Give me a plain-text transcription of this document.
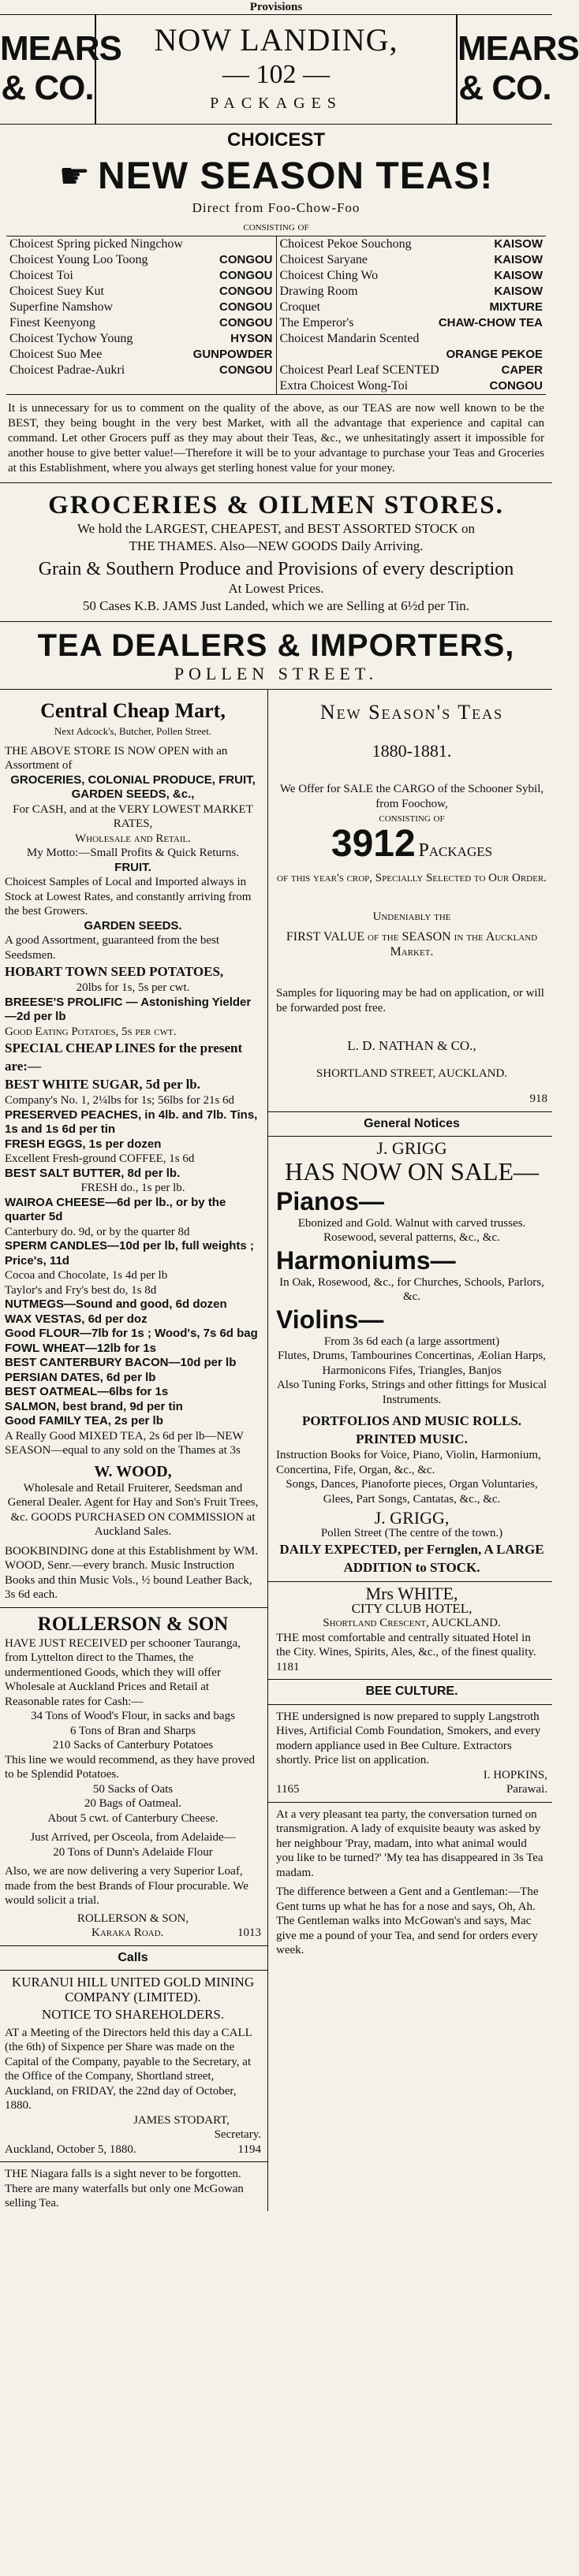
Provisions
MEARS & CO.
NOW LANDING,
— 102 —
PACKAGES
MEARS & CO.
CHOICEST
☛ NEW SEASON TEAS!
Direct from Foo-Chow-Foo
consisting of
Choicest Spring picked Ningchow
Choicest Young Loo Toong	CONGOU
Choicest Toi	CONGOU
Choicest Suey Kut	CONGOU
Superfine Namshow	CONGOU
Finest Keenyong	CONGOU
Choicest Tychow Young	HYSON
Choicest Suo Mee	GUNPOWDER
Choicest Padrae-Aukri	CONGOU
Choicest Pekoe Souchong	KAISOW
Choicest Saryane	KAISOW
Choicest Ching Wo	KAISOW
Drawing Room	KAISOW
Croquet	MIXTURE
The Emperor's	CHAW-CHOW TEA
Choicest Mandarin Scented
ORANGE PEKOE
Choicest Pearl Leaf SCENTED	CAPER
Extra Choicest Wong-Toi	CONGOU
It is unnecessary for us to comment on the quality of the above, as our TEAS are now well known to be the BEST, they being bought in the very best Market, with all the advantage that experience and capital can command. Let other Grocers puff as they may about their Teas, &c., we unhesitatingly assert it impossible for another house to give better value!—Therefore it will be to your advantage to purchase your Teas and Groceries at this Establishment, where you always get sterling honest value for your money.
GROCERIES & OILMEN STORES.
We hold the LARGEST, CHEAPEST, and BEST ASSORTED STOCK on
THE THAMES. Also—NEW GOODS Daily Arriving.
Grain & Southern Produce and Provisions of every description
At Lowest Prices.
50 Cases K.B. JAMS Just Landed, which we are Selling at 6½d per Tin.
TEA DEALERS & IMPORTERS,
POLLEN STREET.
Central Cheap Mart,
Next Adcock's, Butcher, Pollen Street.
THE ABOVE STORE IS NOW OPEN with an Assortment of
GROCERIES, COLONIAL PRODUCE, FRUIT, GARDEN SEEDS, &c.,
For CASH, and at the VERY LOWEST MARKET RATES,
Wholesale and Retail.
My Motto:—Small Profits & Quick Returns.
FRUIT.
Choicest Samples of Local and Imported always in Stock at Lowest Rates, and constantly arriving from the best Growers.
GARDEN SEEDS.
A good Assortment, guaranteed from the best Seedsmen.
HOBART TOWN SEED POTATOES,
20lbs for 1s, 5s per cwt.
BREESE'S PROLIFIC — Astonishing Yielder—2d per lb
Good Eating Potatoes, 5s per cwt.
SPECIAL CHEAP LINES for the present are:—
BEST WHITE SUGAR, 5d per lb.
Company's No. 1, 2¼lbs for 1s; 56lbs for 21s 6d
PRESERVED PEACHES, in 4lb. and 7lb. Tins, 1s and 1s 6d per tin
FRESH EGGS, 1s per dozen
Excellent Fresh-ground COFFEE, 1s 6d
BEST SALT BUTTER, 8d per lb.
FRESH do., 1s per lb.
WAIROA CHEESE—6d per lb., or by the quarter 5d
Canterbury do. 9d, or by the quarter 8d
SPERM CANDLES—10d per lb, full weights ; Price's, 11d
Cocoa and Chocolate, 1s 4d per lb
Taylor's and Fry's best do, 1s 8d
NUTMEGS—Sound and good, 6d dozen
WAX VESTAS, 6d per doz
Good FLOUR—7lb for 1s ; Wood's, 7s 6d bag
FOWL WHEAT—12lb for 1s
BEST CANTERBURY BACON—10d per lb
PERSIAN DATES, 6d per lb
BEST OATMEAL—6lbs for 1s
SALMON, best brand, 9d per tin
Good FAMILY TEA, 2s per lb
A Really Good MIXED TEA, 2s 6d per lb—NEW SEASON—equal to any sold on the Thames at 3s
W. WOOD,
Wholesale and Retail Fruiterer, Seedsman and General Dealer. Agent for Hay and Son's Fruit Trees, &c. GOODS PURCHASED ON COMMISSION at Auckland Sales.
BOOKBINDING done at this Establishment by WM. WOOD, Senr.—every branch. Music Instruction Books and thin Music Vols., ½ bound Leather Back, 3s 6d each.
ROLLERSON & SON
HAVE JUST RECEIVED per schooner Tauranga, from Lyttelton direct to the Thames, the undermentioned Goods, which they will offer Wholesale at Auckland Prices and Retail at Reasonable rates for Cash:—
34 Tons of Wood's Flour, in sacks and bags
6 Tons of Bran and Sharps
210 Sacks of Canterbury Potatoes
This line we would recommend, as they have proved to be Splendid Potatoes.
50 Sacks of Oats
20 Bags of Oatmeal.
About 5 cwt. of Canterbury Cheese.
Just Arrived, per Osceola, from Adelaide—
20 Tons of Dunn's Adelaide Flour
Also, we are now delivering a very Superior Loaf, made from the best Brands of Flour procurable. We would solicit a trial.
ROLLERSON & SON,
Karaka Road.	1013
Calls
KURANUI HILL UNITED GOLD MINING COMPANY (LIMITED).
NOTICE TO SHAREHOLDERS.
AT a Meeting of the Directors held this day a CALL (the 6th) of Sixpence per Share was made on the Capital of the Company, payable to the Secretary, at the Office of the Company, Shortland street, Auckland, on FRIDAY, the 22nd day of October, 1880.
JAMES STODART,
Secretary.
Auckland, October 5, 1880.	1194
THE Niagara falls is a sight never to be forgotten. There are many waterfalls but only one McGowan selling Tea.
New Season's Teas
1880-1881.
We Offer for SALE the CARGO of the Schooner Sybil, from Foochow,
consisting of
3912 Packages
of this year's crop, Specially Selected to Our Order.
Undeniably the
FIRST VALUE of the SEASON in the Auckland Market.
Samples for liquoring may be had on application, or will be forwarded post free.
L. D. NATHAN & CO.,
SHORTLAND STREET, AUCKLAND.
918
General Notices
J. GRIGG
HAS NOW ON SALE—
Pianos—
Ebonized and Gold. Walnut with carved trusses. Rosewood, several patterns, &c., &c.
Harmoniums—
In Oak, Rosewood, &c., for Churches, Schools, Parlors, &c.
Violins—
From 3s 6d each (a large assortment)
Flutes, Drums, Tambourines Concertinas, Æolian Harps, Harmonicons Fifes, Triangles, Banjos
Also Tuning Forks, Strings and other fittings for Musical Instruments.
PORTFOLIOS AND MUSIC ROLLS. PRINTED MUSIC.
Instruction Books for Voice, Piano, Violin, Harmonium, Concertina, Fife, Organ, &c., &c.
Songs, Dances, Pianoforte pieces, Organ Voluntaries, Glees, Part Songs, Cantatas, &c., &c.
J. GRIGG,
Pollen Street (The centre of the town.)
DAILY EXPECTED, per Fernglen, A LARGE ADDITION to STOCK.
Mrs WHITE,
CITY CLUB HOTEL,
Shortland Crescent, AUCKLAND.
THE most comfortable and centrally situated Hotel in the City. Wines, Spirits, Ales, &c., of the finest quality.
1181
BEE CULTURE.
THE undersigned is now prepared to supply Langstroth Hives, Artificial Comb Foundation, Smokers, and every modern appliance used in Bee Culture. Extractors shortly. Price list on application.
I. HOPKINS,
1165	Parawai.
At a very pleasant tea party, the conversation turned on transmigration. A lady of exquisite beauty was asked by her neighbour 'Pray, madam, into what animal would you like to be turned?' 'My tea has disappeared in 3s Tea madam.
The difference between a Gent and a Gentleman:—The Gent turns up what he has for a nose and says, Oh, Ah. The Gentleman walks into McGowan's and says, Mac give me a pound of your Tea, and send for orders every week.
